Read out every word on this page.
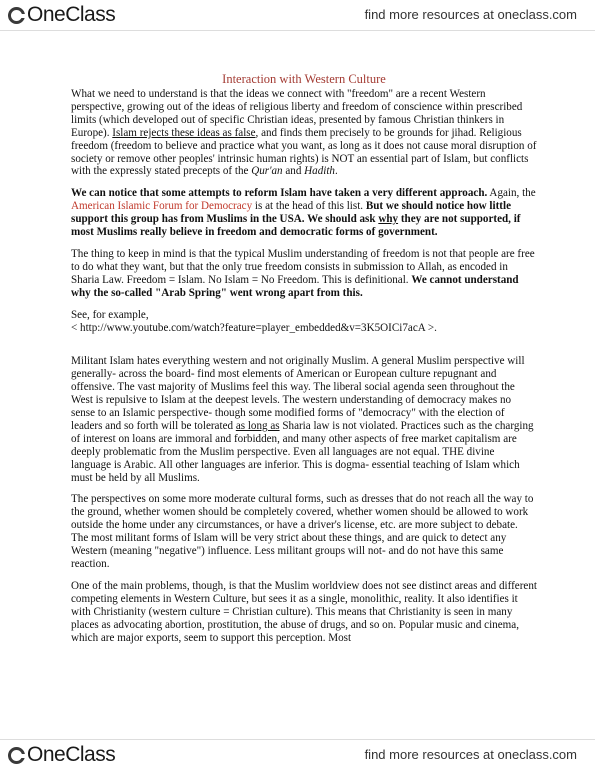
OneClass	find more resources at oneclass.com
Interaction with Western Culture

What we need to understand is that the ideas we connect with "freedom" are a recent Western perspective, growing out of the ideas of religious liberty and freedom of conscience within prescribed limits (which developed out of specific Christian ideas, presented by famous Christian thinkers in Europe). Islam rejects these ideas as false, and finds them precisely to be grounds for jihad. Religious freedom (freedom to believe and practice what you want, as long as it does not cause moral disruption of society or remove other peoples' intrinsic human rights) is NOT an essential part of Islam, but conflicts with the expressly stated precepts of the Qur'an and Hadith.

We can notice that some attempts to reform Islam have taken a very different approach. Again, the American Islamic Forum for Democracy is at the head of this list. But we should notice how little support this group has from Muslims in the USA. We should ask why they are not supported, if most Muslims really believe in freedom and democratic forms of government.

The thing to keep in mind is that the typical Muslim understanding of freedom is not that people are free to do what they want, but that the only true freedom consists in submission to Allah, as encoded in Sharia Law. Freedom = Islam. No Islam = No Freedom. This is definitional. We cannot understand why the so-called "Arab Spring" went wrong apart from this.

See, for example,
< http://www.youtube.com/watch?feature=player_embedded&v=3K5OICi7acA >.

Militant Islam hates everything western and not originally Muslim. A general Muslim perspective will generally- across the board- find most elements of American or European culture repugnant and offensive. The vast majority of Muslims feel this way. The liberal social agenda seen throughout the West is repulsive to Islam at the deepest levels. The western understanding of democracy makes no sense to an Islamic perspective- though some modified forms of "democracy" with the election of leaders and so forth will be tolerated as long as Sharia law is not violated. Practices such as the charging of interest on loans are immoral and forbidden, and many other aspects of free market capitalism are deeply problematic from the Muslim perspective. Even all languages are not equal. THE divine language is Arabic. All other languages are inferior. This is dogma- essential teaching of Islam which must be held by all Muslims.

The perspectives on some more moderate cultural forms, such as dresses that do not reach all the way to the ground, whether women should be completely covered, whether women should be allowed to work outside the home under any circumstances, or have a driver's license, etc. are more subject to debate. The most militant forms of Islam will be very strict about these things, and are quick to detect any Western (meaning "negative") influence. Less militant groups will not- and do not have this same reaction.

One of the main problems, though, is that the Muslim worldview does not see distinct areas and different competing elements in Western Culture, but sees it as a single, monolithic, reality. It also identifies it with Christianity (western culture = Christian culture). This means that Christianity is seen in many places as advocating abortion, prostitution, the abuse of drugs, and so on. Popular music and cinema, which are major exports, seem to support this perception. Most

OneClass	find more resources at oneclass.com
